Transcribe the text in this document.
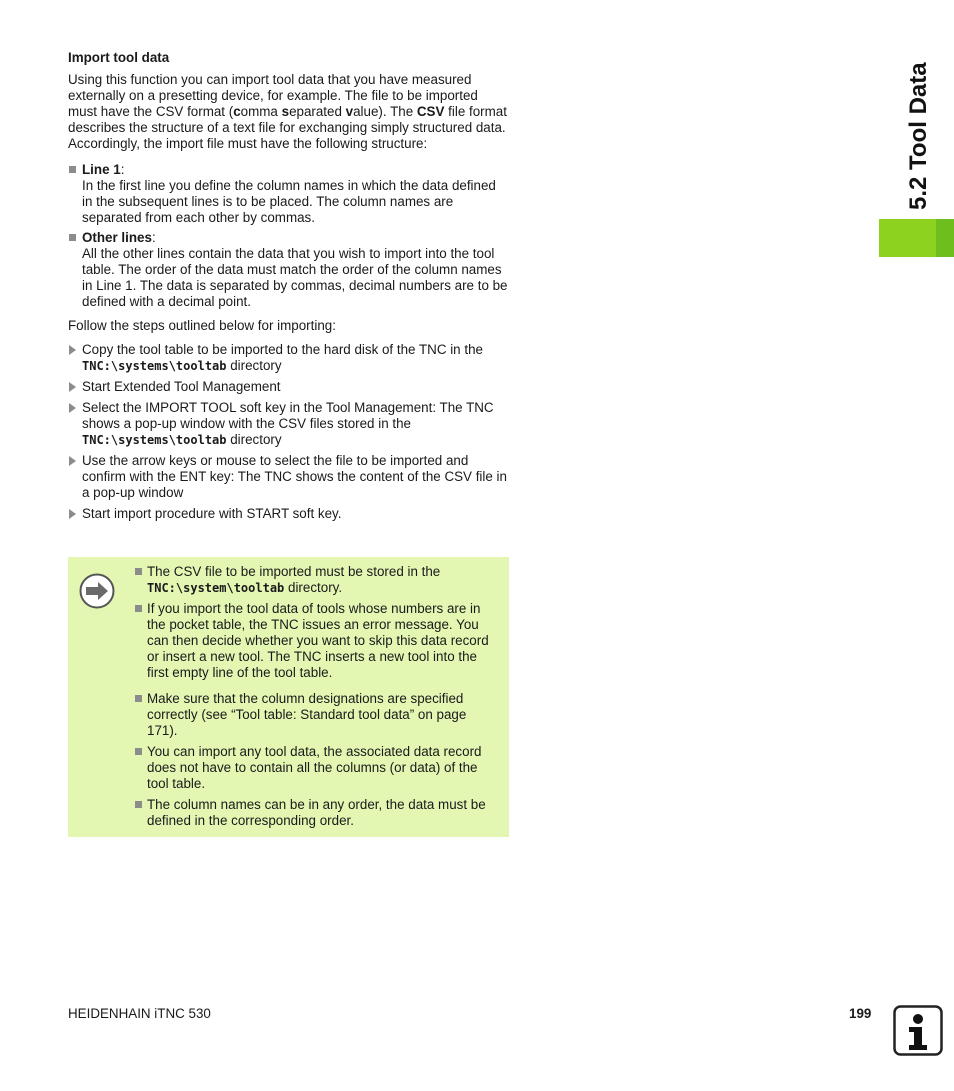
5.2 Tool Data
Import tool data

Using this function you can import tool data that you have measured externally on a presetting device, for example. The file to be imported must have the CSV format (comma separated value). The CSV file format describes the structure of a text file for exchanging simply structured data. Accordingly, the import file must have the following structure:

Line 1:
In the first line you define the column names in which the data defined in the subsequent lines is to be placed. The column names are separated from each other by commas.
Other lines:
All the other lines contain the data that you wish to import into the tool table. The order of the data must match the order of the column names in Line 1. The data is separated by commas, decimal numbers are to be defined with a decimal point.

Follow the steps outlined below for importing:

Copy the tool table to be imported to the hard disk of the TNC in the TNC:\systems\tooltab directory
Start Extended Tool Management
Select the IMPORT TOOL soft key in the Tool Management: The TNC shows a pop-up window with the CSV files stored in the TNC:\systems\tooltab directory
Use the arrow keys or mouse to select the file to be imported and confirm with the ENT key: The TNC shows the content of the CSV file in a pop-up window
Start import procedure with START soft key.
The CSV file to be imported must be stored in the TNC:\system\tooltab directory.
If you import the tool data of tools whose numbers are in the pocket table, the TNC issues an error message. You can then decide whether you want to skip this data record or insert a new tool. The TNC inserts a new tool into the first empty line of the tool table.
Make sure that the column designations are specified correctly (see “Tool table: Standard tool data” on page 171).
You can import any tool data, the associated data record does not have to contain all the columns (or data) of the tool table.
The column names can be in any order, the data must be defined in the corresponding order.
HEIDENHAIN iTNC 530	199
